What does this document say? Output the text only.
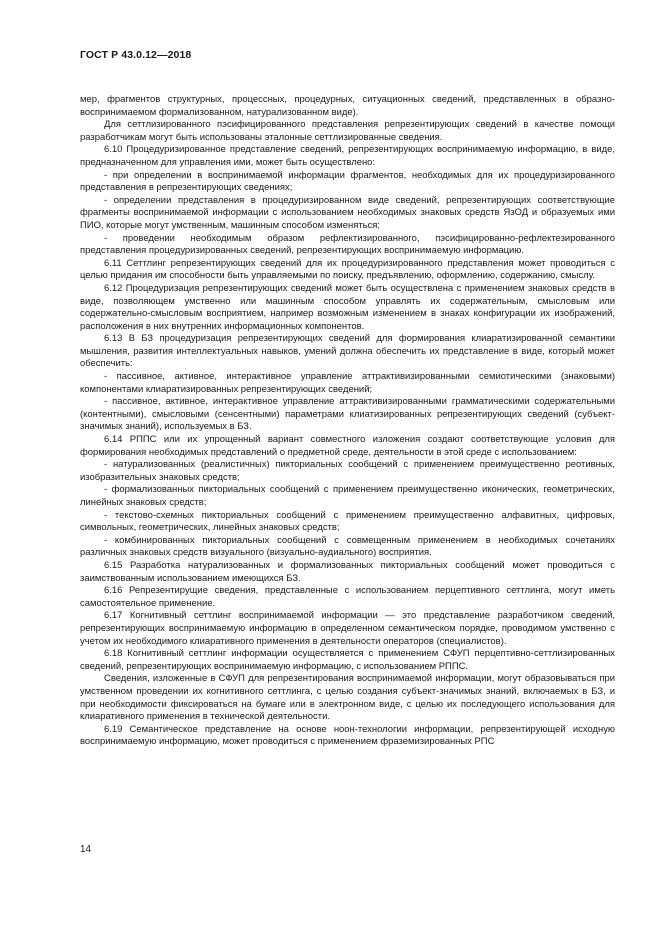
ГОСТ Р 43.0.12—2018

мер, фрагментов структурных, процессных, процедурных, ситуационных сведений, представленных в образно-воспринимаемом формализованном, натурализованном виде).

Для сеттлизированного пэсифицированного представления репрезентирующих сведений в качестве помощи разработчикам могут быть использованы эталонные сеттлизированные сведения.

6.10 Процедуризированное представление сведений, репрезентирующих воспринимаемую информацию, в виде, предназначенном для управления ими, может быть осуществлено:

- при определении в воспринимаемой информации фрагментов, необходимых для их процедуризированного представления в репрезентирующих сведениях;

- определении представления в процедуризированном виде сведений, репрезентирующих соответствующие фрагменты воспринимаемой информации с использованием необходимых знаковых средств ЯзОД и образуемых ими ПИО, которые могут умственным, машинным способом изменяться;

- проведении необходимым образом рефлектизированного, пэсифицированно-рефлектезированного представления процедуризированных сведений, репрезентирующих воспринимаемую информацию.

6.11 Сеттлинг репрезентирующих сведений для их процедуризированного представления может проводиться с целью придания им способности быть управляемыми по поиску, предъявлению, оформлению, содержанию, смыслу.

6.12 Процедуризация репрезентирующих сведений может быть осуществлена с применением знаковых средств в виде, позволяющем умственно или машинным способом управлять их содержательным, смысловым или содержательно-смысловым восприятием, например возможным изменением в знаках конфигурации их изображений, расположения в них внутренних информационных компонентов.

6.13 В БЗ процедуризация репрезентирующих сведений для формирования клиаратизированной семантики мышления, развития интеллектуальных навыков, умений должна обеспечить их представление в виде, который может обеспечить:

- пассивное, активное, интерактивное управление аттрактивизированными семиотическими (знаковыми) компонентами клиаратизированных репрезентирующих сведений;

- пассивное, активное, интерактивное управление аттрактивизированными грамматическими содержательными (контентными), смысловыми (сенсентными) параметрами клиатизированных репрезентирующих сведений (субъект-значимых знаний), используемых в БЗ.

6.14 РППС или их упрощенный вариант совместного изложения создают соответствующие условия для формирования необходимых представлений о предметной среде, деятельности в этой среде с использованием:

- натурализованных (реалистичных) пикториальных сообщений с применением преимущественно реотивных, изобразительных знаковых средств;

- формализованных пикториальных сообщений с применением преимущественно иконических, геометрических, линейных знаковых средств;

- текстово-схемных пикториальных сообщений с применением преимущественно алфавитных, цифровых, символьных, геометрических, линейных знаковых средств;

- комбинированных пикториальных сообщений с совмещенным применением в необходимых сочетаниях различных знаковых средств визуального (визуально-аудиального) восприятия.

6.15 Разработка натурализованных и формализованных пикториальных сообщений может проводиться с заимствованным использованием имеющихся БЗ.

6.16 Репрезентирущие сведения, представленные с использованием перцептивного сеттлинга, могут иметь самостоятельное применение.

6.17 Когнитивный сеттлинг воспринимаемой информации — это представление разработчиком сведений, репрезентирующих воспринимаемую информацию в определенном семантическом порядке, проводимом умственно с учетом их необходимого клиаративного применения в деятельности операторов (специалистов).

6.18 Когнитивный сеттлинг информации осуществляется с применением СФУП перцептивно-сеттлизированных сведений, репрезентирующих воспринимаемую информацию, с использованием РППС.

Сведения, изложенные в СФУП для репрезентирования воспринимаемой информации, могут образовываться при умственном проведении их когнитивного сеттлинга, с целью создания субъект-значимых знаний, включаемых в БЗ, и при необходимости фиксироваться на бумаге или в электронном виде, с целью их последующего использования для клиаративного применения в технической деятельности.

6.19 Семантическое представление на основе ноон-технологии информации, репрезентирующей исходную воспринимаемую информацию, может проводиться с применением фраземизированных РПС

14
